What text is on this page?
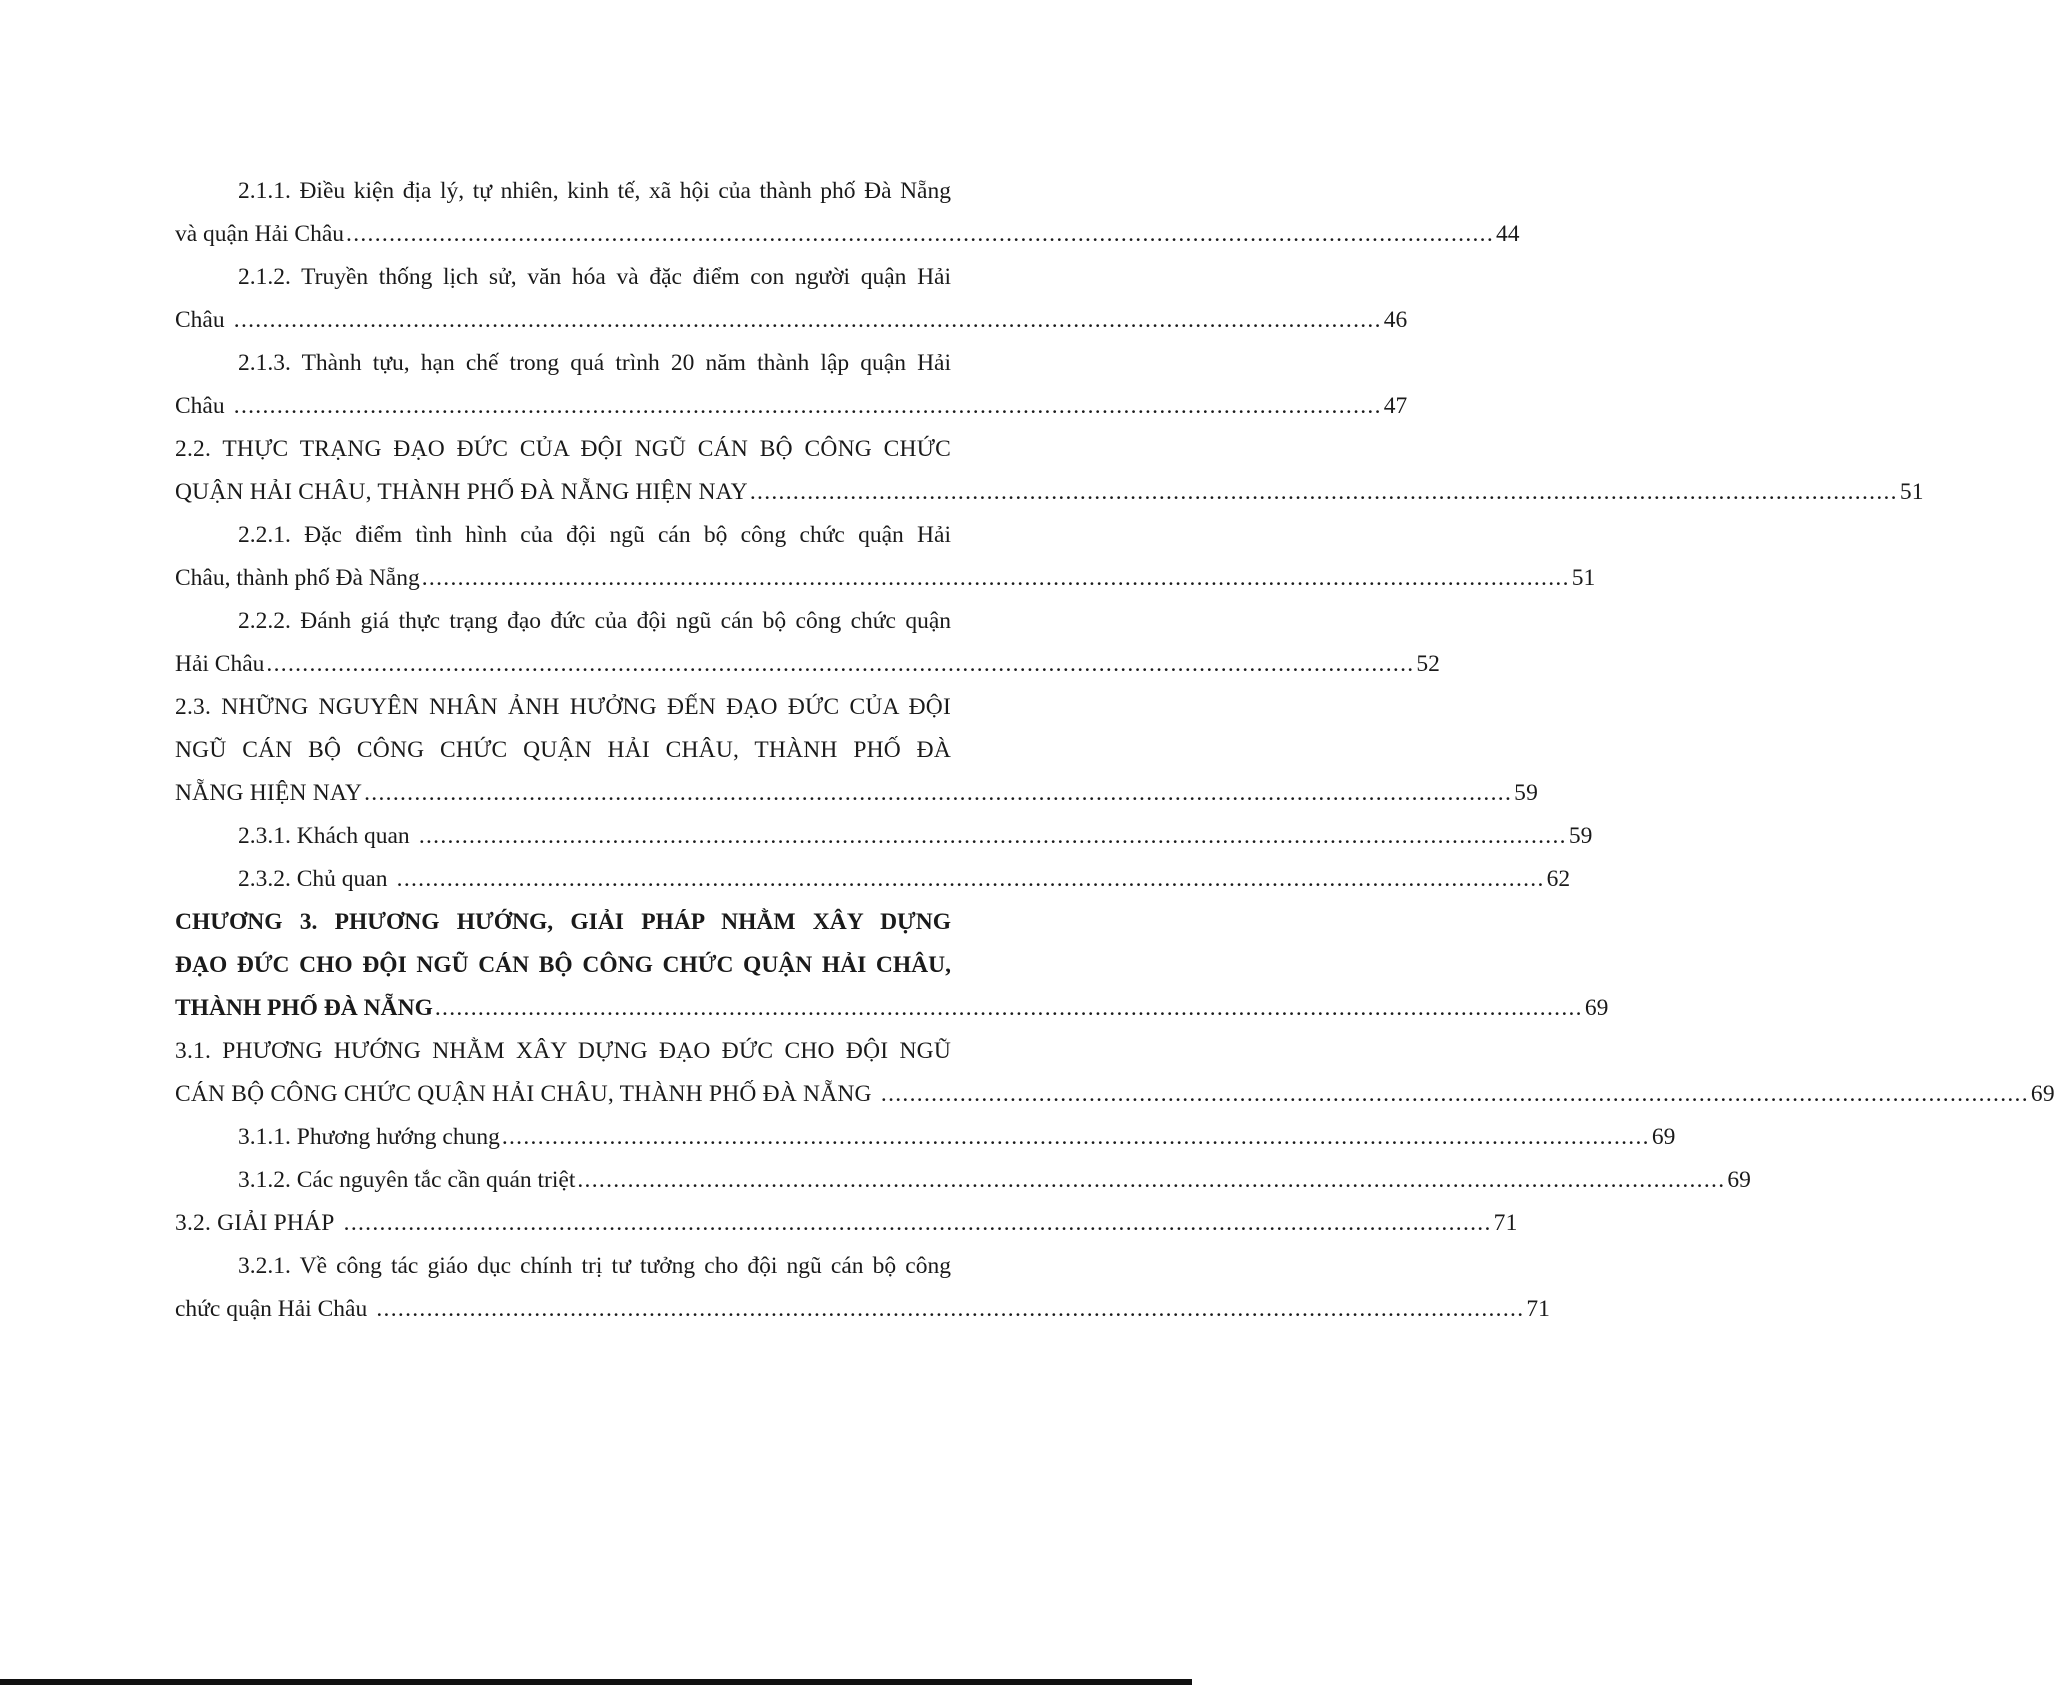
2.1.1. Điều kiện địa lý, tự nhiên, kinh tế, xã hội của thành phố Đà Nẵng
và quận Hải Châu ................................................................................................................................................................ 44
2.1.2. Truyền thống lịch sử, văn hóa và đặc điểm con người quận Hải
Châu ................................................................................................................................................................ 46
2.1.3. Thành tựu, hạn chế trong quá trình 20 năm thành lập quận Hải
Châu ................................................................................................................................................................ 47
2.2. THỰC TRẠNG ĐẠO ĐỨC CỦA ĐỘI NGŨ CÁN BỘ CÔNG CHỨC
QUẬN HẢI CHÂU, THÀNH PHỐ ĐÀ NẴNG HIỆN NAY ................................................................................................................................................................ 51
2.2.1. Đặc điểm tình hình của đội ngũ cán bộ công chức quận Hải
Châu, thành phố Đà Nẵng ................................................................................................................................................................ 51
2.2.2. Đánh giá thực trạng đạo đức của đội ngũ cán bộ công chức quận
Hải Châu ................................................................................................................................................................ 52
2.3. NHỮNG NGUYÊN NHÂN ẢNH HƯỞNG ĐẾN ĐẠO ĐỨC CỦA ĐỘI
NGŨ CÁN BỘ CÔNG CHỨC QUẬN HẢI CHÂU, THÀNH PHỐ ĐÀ
NẴNG HIỆN NAY ................................................................................................................................................................ 59
2.3.1. Khách quan ................................................................................................................................................................ 59
2.3.2. Chủ quan ................................................................................................................................................................ 62
CHƯƠNG 3. PHƯƠNG HƯỚNG, GIẢI PHÁP NHẰM XÂY DỰNG
ĐẠO ĐỨC CHO ĐỘI NGŨ CÁN BỘ CÔNG CHỨC QUẬN HẢI CHÂU,
THÀNH PHỐ ĐÀ NẴNG ................................................................................................................................................................ 69
3.1. PHƯƠNG HƯỚNG NHẰM XÂY DỰNG ĐẠO ĐỨC CHO ĐỘI NGŨ
CÁN BỘ CÔNG CHỨC QUẬN HẢI CHÂU, THÀNH PHỐ ĐÀ NẴNG ................................................................................................................................................................ 69
3.1.1. Phương hướng chung ................................................................................................................................................................ 69
3.1.2. Các nguyên tắc cần quán triệt ................................................................................................................................................................ 69
3.2. GIẢI PHÁP ................................................................................................................................................................ 71
3.2.1. Về công tác giáo dục chính trị tư tưởng cho đội ngũ cán bộ công
chức quận Hải Châu ................................................................................................................................................................ 71
